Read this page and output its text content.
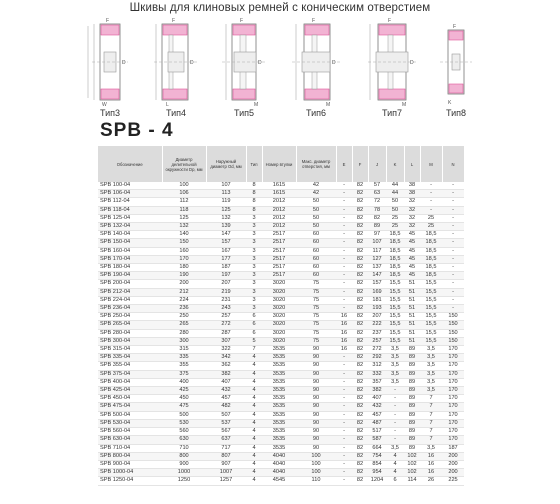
Шкивы для клиновых ремней с коническим отверстием
F
D
W
Тип3
F
D
L
Тип4
F
D
M
Тип5
F
D
M
Тип6
F
D
M
Тип7
F
K
Тип8
SPB - 4
Обозначение	Диаметр делительной окружности Dp, мм	Наружный диаметр Od, мм	Тип	Номер втулки	Макс. диаметр отверстия, мм	E	F	J	K	L	M	N
SPB 100-04	100	107	8	1615	42	-	82	57	44	38	-	-
SPB 106-04	106	113	8	1615	42	-	82	63	44	38	-	-
SPB 112-04	112	119	8	2012	50	-	82	72	50	32	-	-
SPB 118-04	118	125	8	2012	50	-	82	78	50	32	-	-
SPB 125-04	125	132	3	2012	50	-	82	82	25	32	25	-
SPB 132-04	132	139	3	2012	50	-	82	89	25	32	25	-
SPB 140-04	140	147	3	2517	60	-	82	97	18,5	45	18,5	-
SPB 150-04	150	157	3	2517	60	-	82	107	18,5	45	18,5	-
SPB 160-04	160	167	3	2517	60	-	82	117	18,5	45	18,5	-
SPB 170-04	170	177	3	2517	60	-	82	127	18,5	45	18,5	-
SPB 180-04	180	187	3	2517	60	-	82	137	18,5	45	18,5	-
SPB 190-04	190	197	3	2517	60	-	82	147	18,5	45	18,5	-
SPB 200-04	200	207	3	3020	75	-	82	157	15,5	51	15,5	-
SPB 212-04	212	219	3	3020	75	-	82	169	15,5	51	15,5	-
SPB 224-04	224	231	3	3020	75	-	82	181	15,5	51	15,5	-
SPB 236-04	236	243	3	3020	75	-	82	193	15,5	51	15,5	-
SPB 250-04	250	257	6	3020	75	16	82	207	15,5	51	15,5	150
SPB 265-04	265	272	6	3020	75	16	82	222	15,5	51	15,5	150
SPB 280-04	280	287	6	3020	75	16	82	237	15,5	51	15,5	150
SPB 300-04	300	307	5	3020	75	16	82	257	15,5	51	15,5	150
SPB 315-04	315	322	7	3535	90	16	82	272	3,5	89	3,5	170
SPB 335-04	335	342	4	3535	90	-	82	292	3,5	89	3,5	170
SPB 355-04	355	362	4	3535	90	-	82	312	3,5	89	3,5	170
SPB 375-04	375	382	4	3535	90	-	82	332	3,5	89	3,5	170
SPB 400-04	400	407	4	3535	90	-	82	357	3,5	89	3,5	170
SPB 425-04	425	432	4	3535	90	-	82	382	-	89	3,5	170
SPB 450-04	450	457	4	3535	90	-	82	407	-	89	7	170
SPB 475-04	475	482	4	3535	90	-	82	432	-	89	7	170
SPB 500-04	500	507	4	3535	90	-	82	457	-	89	7	170
SPB 530-04	530	537	4	3535	90	-	82	487	-	89	7	170
SPB 560-04	560	567	4	3535	90	-	82	517	-	89	7	170
SPB 630-04	630	637	4	3535	90	-	82	587	-	89	7	170
SPB 710-04	710	717	4	3535	90	-	82	664	3,5	89	3,5	187
SPB 800-04	800	807	4	4040	100	-	82	754	4	102	16	200
SPB 900-04	900	907	4	4040	100	-	82	854	4	102	16	200
SPB 1000-04	1000	1007	4	4040	100	-	82	954	4	102	16	200
SPB 1250-04	1250	1257	4	4545	110	-	82	1204	6	114	26	225
